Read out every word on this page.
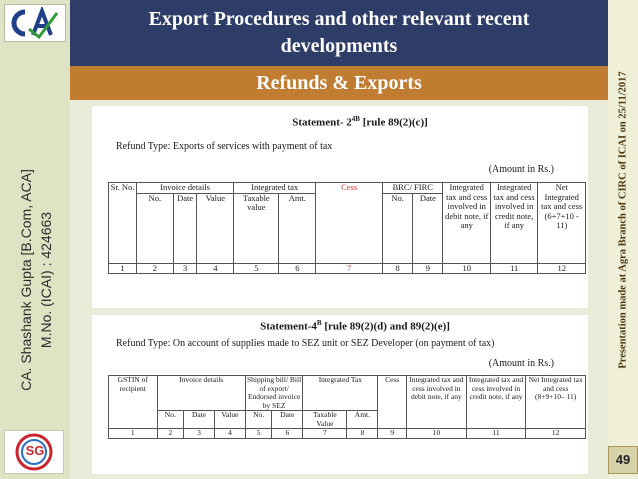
CA. Shashank Gupta [B.Com, ACA] M.No. (ICAI) : 424663
SG
Export Procedures and other relevant recent
developments
Refunds & Exports	Presentation made at Agra Branch of CIRC of ICAI on 25/11/2017
49
Statement- $2^{4B}$ [rule 89(2)(c)]
Refund Type: Exports of services with payment of tax
(Amount in Rs.)
Sr. No.	Invoice details			Integrated tax		Cess	BRC/ FIRC		Integrated tax and cess involved in debit note, if any	Integrated tax and cess involved in credit note, if any	Net Integrated tax and cess (6+7+10 - 11)
	No.	Date	Value	Taxable value	Amt.		No.	Date			
1	2	3	4	5	6	7	8	9	10	11	12
Statement-$4^B$ [rule 89(2)(d) and 89(2)(e)]
Refund Type: On account of supplies made to SEZ unit or SEZ Developer (on payment of tax)
(Amount in Rs.)
GSTIN of recipient	Invoice details			Shipping bill/ Bill of export/ Endorsed invoice by SEZ		Integrated Tax		Cess	Integrated tax and cess involved in debit note, if any	Integrated tax and cess involved in credit note, if any	Net Integrated tax and cess (8+9+10– 11)
	No.	Date	Value	No.	Date	Taxable Value	Amt.				
1	2	3	4	5	6	7	8	9	10	11	12
